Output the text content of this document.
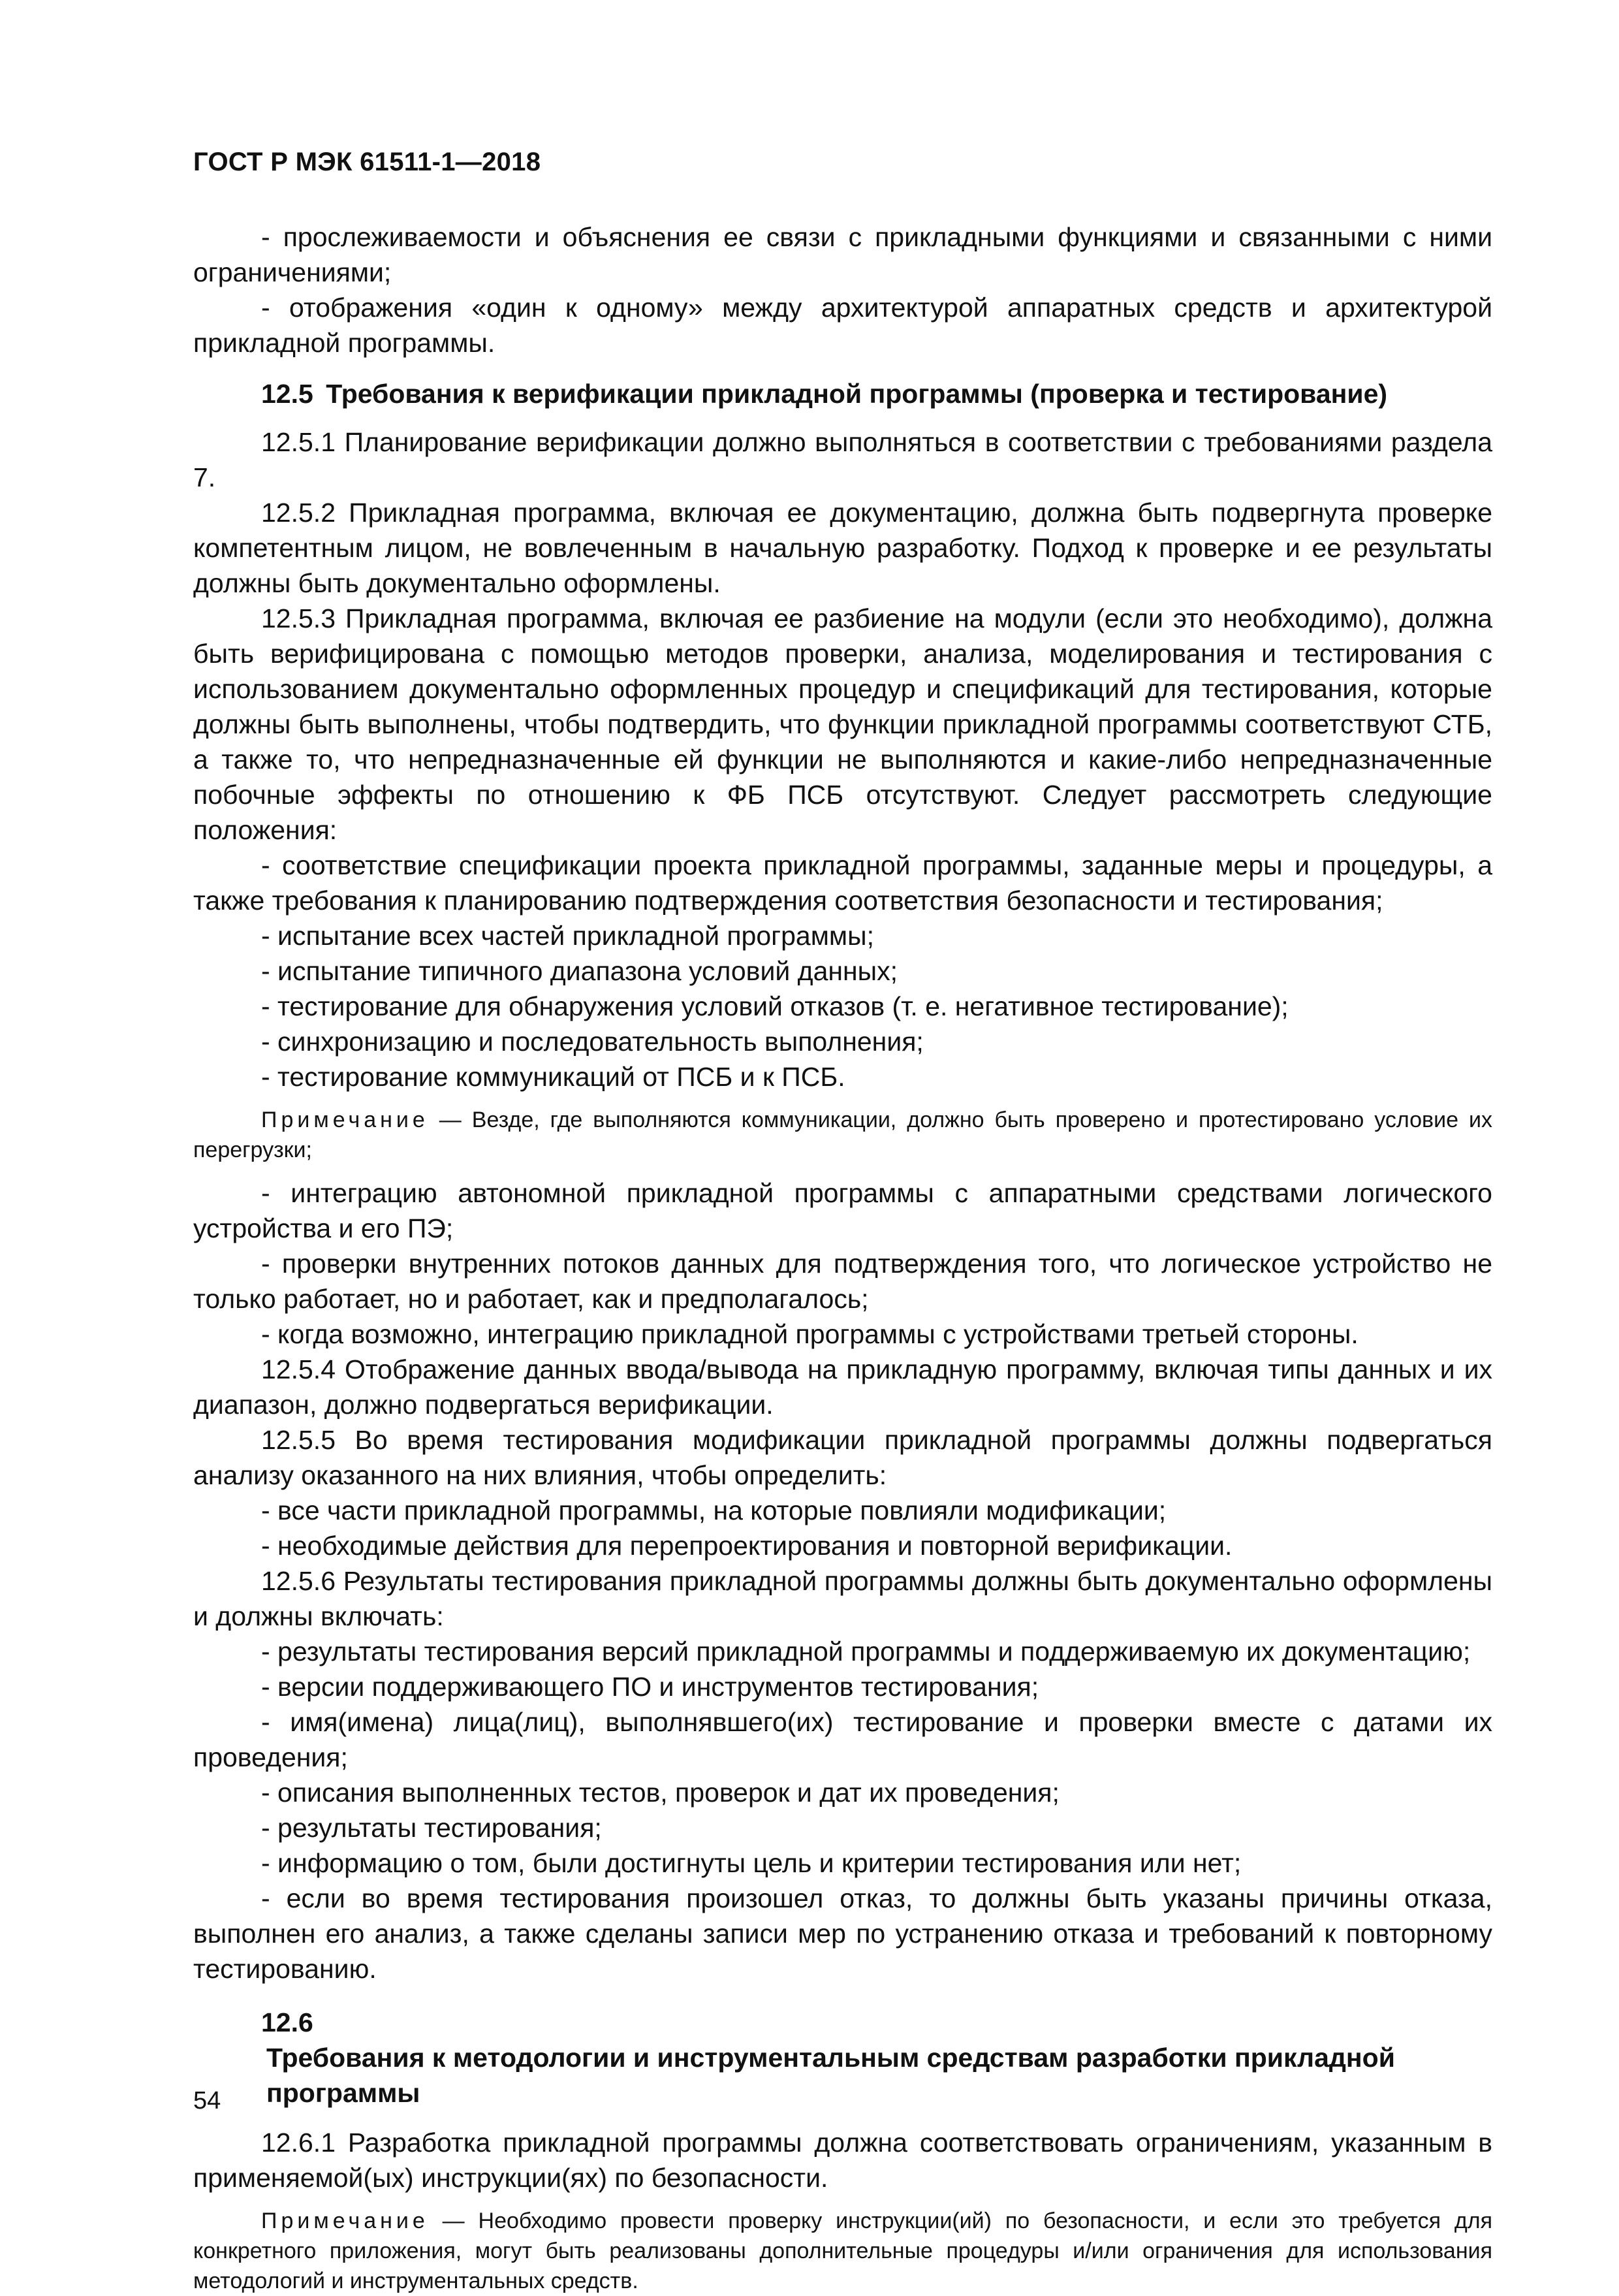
ГОСТ Р МЭК 61511-1—2018

- прослеживаемости и объяснения ее связи с прикладными функциями и связанными с ними ограничениями;

- отображения «один к одному» между архитектурой аппаратных средств и архитектурой прикладной программы.

12.5 Требования к верификации прикладной программы (проверка и тестирование)

12.5.1 Планирование верификации должно выполняться в соответствии с требованиями раздела 7.

12.5.2 Прикладная программа, включая ее документацию, должна быть подвергнута проверке компетентным лицом, не вовлеченным в начальную разработку. Подход к проверке и ее результаты должны быть документально оформлены.

12.5.3 Прикладная программа, включая ее разбиение на модули (если это необходимо), должна быть верифицирована с помощью методов проверки, анализа, моделирования и тестирования с использованием документально оформленных процедур и спецификаций для тестирования, которые должны быть выполнены, чтобы подтвердить, что функции прикладной программы соответствуют СТБ, а также то, что непредназначенные ей функции не выполняются и какие-либо непредназначенные побочные эффекты по отношению к ФБ ПСБ отсутствуют. Следует рассмотреть следующие положения:

- соответствие спецификации проекта прикладной программы, заданные меры и процедуры, а также требования к планированию подтверждения соответствия безопасности и тестирования;

- испытание всех частей прикладной программы;

- испытание типичного диапазона условий данных;

- тестирование для обнаружения условий отказов (т. е. негативное тестирование);

- синхронизацию и последовательность выполнения;

- тестирование коммуникаций от ПСБ и к ПСБ.

Примечание — Везде, где выполняются коммуникации, должно быть проверено и протестировано условие их перегрузки;

- интеграцию автономной прикладной программы с аппаратными средствами логического устройства и его ПЭ;

- проверки внутренних потоков данных для подтверждения того, что логическое устройство не только работает, но и работает, как и предполагалось;

- когда возможно, интеграцию прикладной программы с устройствами третьей стороны.

12.5.4 Отображение данных ввода/вывода на прикладную программу, включая типы данных и их диапазон, должно подвергаться верификации.

12.5.5 Во время тестирования модификации прикладной программы должны подвергаться анализу оказанного на них влияния, чтобы определить:

- все части прикладной программы, на которые повлияли модификации;

- необходимые действия для перепроектирования и повторной верификации.

12.5.6 Результаты тестирования прикладной программы должны быть документально оформлены и должны включать:

- результаты тестирования версий прикладной программы и поддерживаемую их документацию;

- версии поддерживающего ПО и инструментов тестирования;

- имя(имена) лица(лиц), выполнявшего(их) тестирование и проверки вместе с датами их проведения;

- описания выполненных тестов, проверок и дат их проведения;

- результаты тестирования;

- информацию о том, были достигнуты цель и критерии тестирования или нет;

- если во время тестирования произошел отказ, то должны быть указаны причины отказа, выполнен его анализ, а также сделаны записи мер по устранению отказа и требований к повторному тестированию.

12.6 Требования к методологии и инструментальным средствам разработки прикладной программы

12.6.1 Разработка прикладной программы должна соответствовать ограничениям, указанным в применяемой(ых) инструкции(ях) по безопасности.

Примечание — Необходимо провести проверку инструкции(ий) по безопасности, и если это требуется для конкретного приложения, могут быть реализованы дополнительные процедуры и/или ограничения для использования методологий и инструментальных средств.

54
